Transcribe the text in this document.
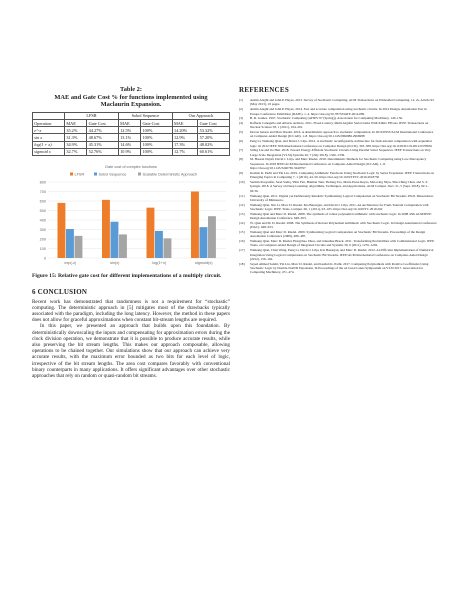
Table 2:
MAE and Gate Cost % for functions implemented using
Maclaurin Expansion.
	LFSR		Sobol Sequence		Our Approach	
Operation	MAE	Gate Cost	MAE	Gate Cost	MAE	Gate Cost
e^-x	35.2%	44.27%	12.5%	100%	14.20%	53.32%
sin x	31.3%	48.67%	13.1%	100%	12.9%	57.20%
log(1 + x)	34.9%	45.31%	14.6%	100%	17.3%	48.02%
sigmoid x	32.7%	52.76%	10.9%	100%	12.7%	60.61%
Gate cost of complex functions
LFSR	Sobol Sequence	Scalable Deterministic Approach
0
100
200
300
400
500
600
700
800
exp(-x)	sin(x)	log(1+x)	sigmoid(x)
Figure 15: Relative gate cost for different implementations of a multiply circuit.
6 CONCLUSION

Recent work has demonstrated that randomness is not a requirement for “stochastic” computing. The deterministic approach in [5] mitigates most of the drawbacks typically associated with the paradigm, including the long latency. However, the method in these papers does not allow for graceful approximations when constant bit-stream lengths are required.

In this paper, we presented an approach that builds upon this foundation. By deterministically downscaling the inputs and compensating for approximation errors during the clock division operation, we demonstrate that it is possible to produce accurate results, while also preserving the bit stream lengths. This makes our approach composable, allowing operations to be chained together. Our simulations show that our approach can achieve very accurate results, with the maximum error bounded as two bits for each level of logic, irrespective of the bit stream lengths. The area cost compares favorably with conventional binary counterparts in many applications. It offers significant advantages over other stochastic approaches that rely on random or quasi-random bit streams.

REFERENCES
[1]	Armin Alaghi and John P. Hayes. 2013. Survey of Stochastic Computing. ACM Transactions on Embedded Computing. 12, 2s, Article 92 (May 2013), 19 pages.
[2]	Armin Alaghi and John P. Hayes. 2014. Fast and accurate computation using stochastic circuits. In 2014 Design, Automation Test in Europe Conference Exhibition (DATE). 1–4. https://doi.org/10.7873/DATE.2014.089
[3]	B. R. Gaines. 1967. Stochastic Computing (AFIPS '67 (Spring)). Association for Computing Machinery, 149–156.
[4]	Raffaele Canegallo and Alberto Ardizzo. 2011. Fixed-Latency, Multi-Gigabit Serial Links With Xilinx FPGAs. IEEE Transactions on Nuclear Science 58, 1 (2011), 194–201.
[5]	Devon Jenson and Marc Riedel. 2016. A deterministic approach to stochastic computation. In 2016 IEEE/ACM International Conference on Computer-Aided Design (ICCAD). 1–8. https://doi.org/10.1145/2966986.2966988
[6]	Peng Li, Weikang Qian, and David J. Lilja. 2012. A stochastic reconfigurable architecture for fault-tolerant computation with sequential logic. In 2012 IEEE 30th International Conference on Computer Design (ICCD). 303–308. https://doi.org/10.1109/ICCD.2012.6378656
[7]	Siting Liu and Jie Han. 2018. Toward Energy-Efficient Stochastic Circuits Using Parallel Sobol Sequences. IEEE Transactions on Very Large Scale Integration (VLSI) Systems 26, 7 (July 2018), 1326–1339.
[8]	M. Hassan Najafi, David J. Lilja, and Marc Riedel. 2018. Deterministic Methods for Stochastic Computing using Low-Discrepancy Sequences. In 2018 IEEE/ACM International Conference on Computer-Aided Design (ICCAD). 1–8. https://doi.org/10.1145/3240765.3240797
[9]	Keshab K. Parhi and Yin Liu. 2019. Computing Arithmetic Functions Using Stochastic Logic by Series Expansion. IEEE Transactions on Emerging Topics in Computing 7, 1 (2019), 44–59. https://doi.org/10.1109/TETC.2016.2618750
[10]	Sermin Pouyanfar, Saad Sadiq, Yilin Yan, Haiman Tian, Yudong Tao, Maria Presa Reyes, Mei-Ling Shyu, Shu-Ching Chen, and S. S. Iyengar. 2018. A Survey on Deep Learning: Algorithms, Techniques, and Applications. ACM Comput. Surv. 51, 5 (Sept. 2018), 92:1–92:36.
[11]	Weikang Qian. 2011. Digital yet Deliberately Random: Synthesizing Logical Computation on Stochastic Bit Streams. Ph.D. Dissertation. University of Minnesota.
[12]	Weikang Qian, Xin Li, Marc D. Riedel, Kia Bazargan, and David J. Lilja. 2011. An Architecture for Fault-Tolerant Computation with Stochastic Logic. IEEE Trans. Comput. 60, 1 (2011), 93–105. https://doi.org/10.1109/TC.2010.202
[13]	Weikang Qian and Marc D. Riedel. 2008. The synthesis of robust polynomial arithmetic with stochastic logic. In 2008 45th ACM/IEEE Design Automation Conference. 648–653.
[14]	W. Qian and M. D. Riedel. 2008. The Synthesis of Robust Polynomial Arithmetic with Stochastic Logic. In Design Automation Conference (DAC). 648–653.
[15]	Weikang Qian and Marc D. Riedel. 2009. Synthesizing Logical Computation on Stochastic Bit Streams. Proceedings of the Design Automation Conference (2009), 480–487.
[16]	Weikang Qian, Marc D. Riedel, Hongchao Zhou, and Jehoshua Bruck. 2011. Transforming Probabilities with Combinational Logic. IEEE Trans. on Computer-Aided Design of Integrated Circuits and Systems 30, 9 (2011), 1279–1292.
[17]	Weikang Qian, Chen Wang, Peng Li, David J. Lilja, Kia Bazargan, and Marc D. Riedel. 2012. An Efficient Implementation of Numerical Integration Using Logical Computation on Stochastic Bit Streams. IEEE/ACM International Conference on Computer-Aided Design (2012), 156–162.
[18]	Seyed Ahmad Salehi, Yin Liu, Marc D. Riedel, and Keshab K. Parhi. 2017. Computing Polynomials with Positive Coefficients Using Stochastic Logic by Double-NAND Expansion. In Proceedings of the on Great Lakes Symposium on VLSI 2017. Association for Computing Machinery, 471–474.
